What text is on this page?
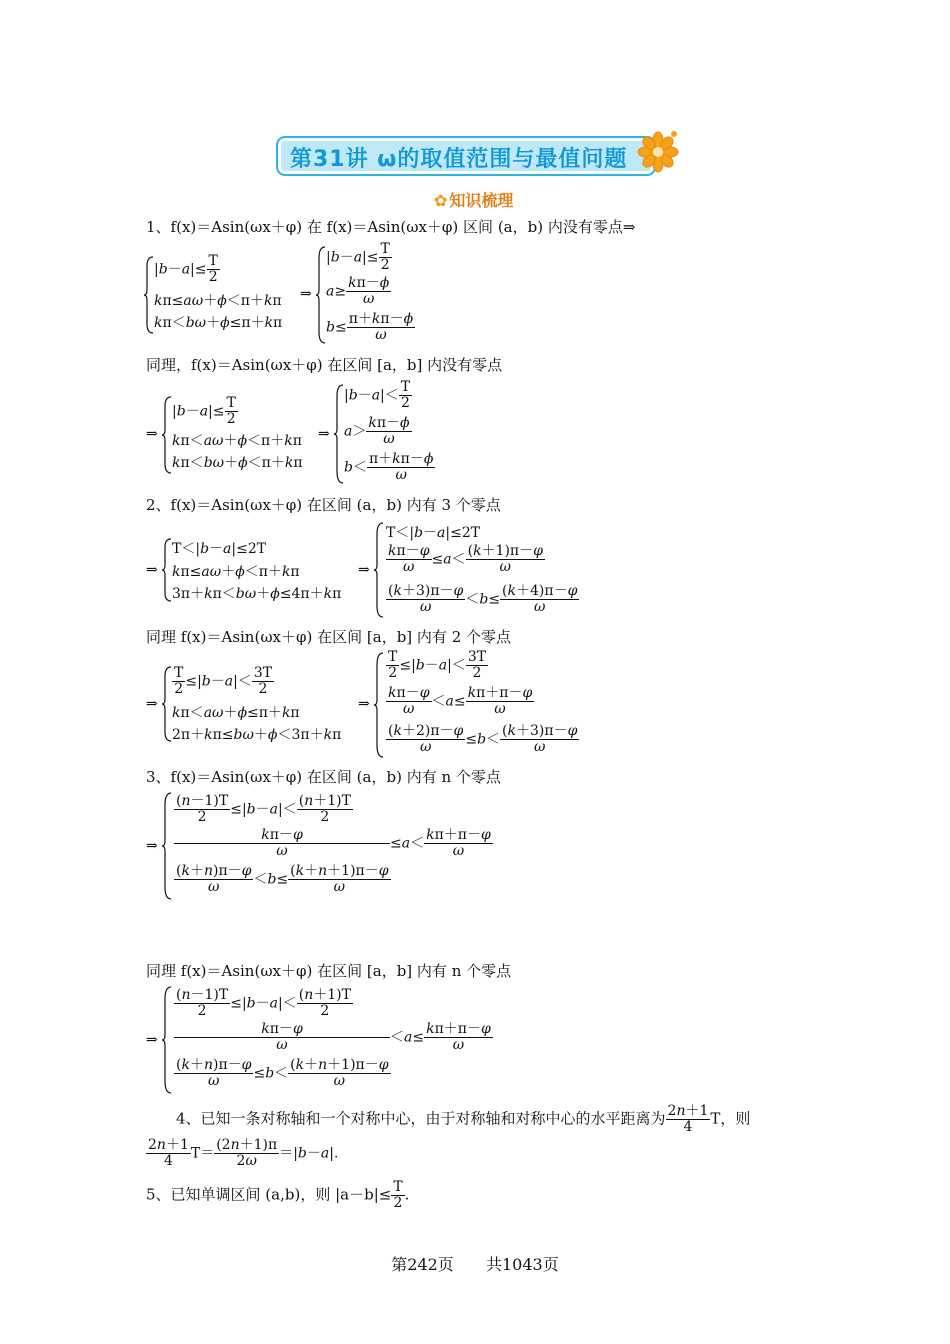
第31讲 ω的取值范围与最值问题
✿ 知识梳理
1、f(x)＝Asin(ωx＋φ) 在 f(x)＝Asin(ωx＋φ) 区间 (a，b) 内没有零点⇒
$|b-a|\le \frac{T}{2}$
kπ≤aω＋ϕ＜π＋kπ
kπ＜bω＋ϕ≤π＋kπ
⇒
$|b-a|\le \frac{T}{2}$
$a\ge \frac{k\pi-\phi}{\omega}$
$b\le \frac{\pi+k\pi-\phi}{\omega}$
同理，f(x)＝Asin(ωx＋φ) 在区间 [a，b] 内没有零点
⇒
$|b-a|\le \frac{T}{2}$
kπ＜aω＋ϕ＜π＋kπ
kπ＜bω＋ϕ＜π＋kπ
⇒
$|b-a|< \frac{T}{2}$
$a> \frac{k\pi-\phi}{\omega}$
$b< \frac{\pi+k\pi-\phi}{\omega}$
2、f(x)＝Asin(ωx＋φ) 在区间 (a，b) 内有 3 个零点
⇒
T＜|b－a|≤2T
kπ≤aω＋ϕ＜π＋kπ
3π＋kπ＜bω＋ϕ≤4π＋kπ
⇒
T＜|b－a|≤2T
$\frac{k\pi-\varphi}{\omega} \le a< \frac{(k+1)\pi-\varphi}{\omega}$
$\frac{(k+3)\pi-\varphi}{\omega} <b\le \frac{(k+4)\pi-\varphi}{\omega}$
同理 f(x)＝Asin(ωx＋φ) 在区间 [a，b] 内有 2 个零点
⇒
$\frac{T}{2} \le|b-a|< \frac{3T}{2}$
kπ＜aω＋ϕ≤π＋kπ
2π＋kπ≤bω＋ϕ＜3π＋kπ
⇒
$\frac{T}{2} \le|b-a|< \frac{3T}{2}$
$\frac{k\pi-\varphi}{\omega} <a\le \frac{k\pi+\pi-\varphi}{\omega}$
$\frac{(k+2)\pi-\varphi}{\omega} \le b< \frac{(k+3)\pi-\varphi}{\omega}$
3、f(x)＝Asin(ωx＋φ) 在区间 (a，b) 内有 n 个零点
⇒
$\frac{(n-1)T}{2} \le|b-a|< \frac{(n+1)T}{2}$
$\frac{k\pi-\varphi}{\omega} \le a< \frac{k\pi+\pi-\varphi}{\omega}$
$\frac{(k+n)\pi-\varphi}{\omega} <b\le \frac{(k+n+1)\pi-\varphi}{\omega}$
同理 f(x)＝Asin(ωx＋φ) 在区间 [a，b] 内有 n 个零点
⇒
$\frac{(n-1)T}{2} \le|b-a|< \frac{(n+1)T}{2}$
$\frac{k\pi-\varphi}{\omega} <a\le \frac{k\pi+\pi-\varphi}{\omega}$
$\frac{(k+n)\pi-\varphi}{\omega} \le b< \frac{(k+n+1)\pi-\varphi}{\omega}$
4、已知一条对称轴和一个对称中心，由于对称轴和对称中心的水平距离为 $\frac{2n+1}{4}$ T，则
$\frac{2n+1}{4} T= \frac{(2n+1)\pi}{2\omega} =|b-a|$.
5、已知单调区间 (a,b)，则 $|a-b|\le \frac{T}{2}$ .
第242页 共1043页
